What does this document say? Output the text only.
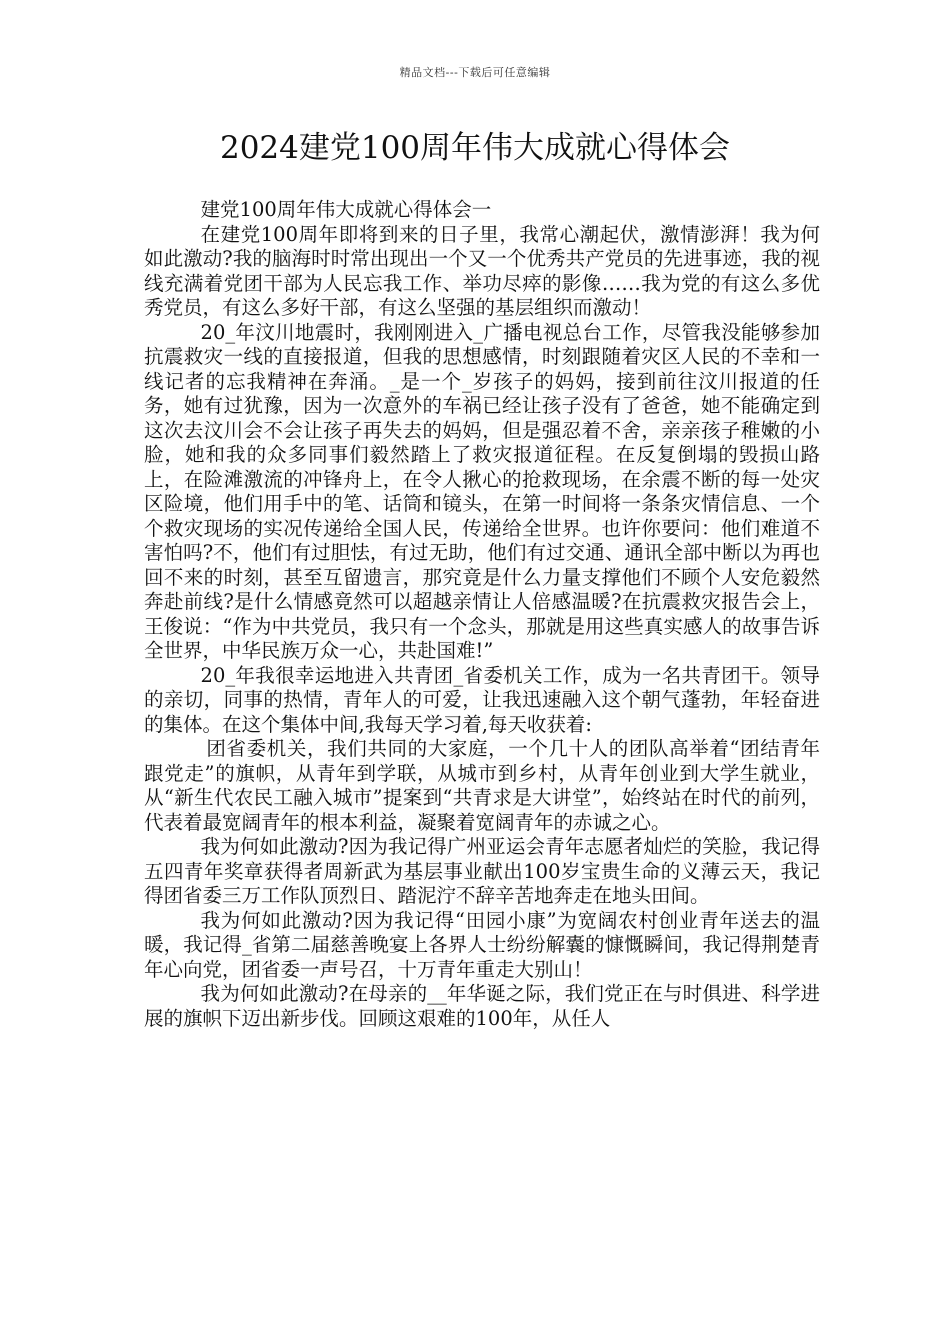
精品文档---下载后可任意编辑
2024建党100周年伟大成就心得体会

建党100周年伟大成就心得体会一

在建党100周年即将到来的日子里，我常心潮起伏，激情澎湃！我为何如此激动?我的脑海时时常出现出一个又一个优秀共产党员的先进事迹，我的视线充满着党团干部为人民忘我工作、举功尽瘁的影像……我为党的有这么多优秀党员，有这么多好干部，有这么坚强的基层组织而激动！

20_年汶川地震时，我刚刚进入_广播电视总台工作，尽管我没能够参加抗震救灾一线的直接报道，但我的思想感情，时刻跟随着灾区人民的不幸和一线记者的忘我精神在奔涌。_是一个_岁孩子的妈妈，接到前往汶川报道的任务，她有过犹豫，因为一次意外的车祸已经让孩子没有了爸爸，她不能确定到这次去汶川会不会让孩子再失去的妈妈，但是强忍着不舍，亲亲孩子稚嫩的小脸，她和我的众多同事们毅然踏上了救灾报道征程。在反复倒塌的毁损山路上，在险滩激流的冲锋舟上，在令人揪心的抢救现场，在余震不断的每一处灾区险境，他们用手中的笔、话筒和镜头，在第一时间将一条条灾情信息、一个个救灾现场的实况传递给全国人民，传递给全世界。也许你要问：他们难道不害怕吗?不，他们有过胆怯，有过无助，他们有过交通、通讯全部中断以为再也回不来的时刻，甚至互留遗言，那究竟是什么力量支撑他们不顾个人安危毅然奔赴前线?是什么情感竟然可以超越亲情让人倍感温暖?在抗震救灾报告会上，王俊说：“作为中共党员，我只有一个念头，那就是用这些真实感人的故事告诉全世界，中华民族万众一心，共赴国难!”

20_年我很幸运地进入共青团_省委机关工作，成为一名共青团干。领导的亲切，同事的热情，青年人的可爱，让我迅速融入这个朝气蓬勃，年轻奋进的集体。在这个集体中间,我每天学习着,每天收获着:

团省委机关，我们共同的大家庭，一个几十人的团队高举着“团结青年跟党走”的旗帜，从青年到学联，从城市到乡村，从青年创业到大学生就业，从“新生代农民工融入城市”提案到“共青求是大讲堂”，始终站在时代的前列，代表着最宽阔青年的根本利益，凝聚着宽阔青年的赤诚之心。

我为何如此激动?因为我记得广州亚运会青年志愿者灿烂的笑脸，我记得五四青年奖章获得者周新武为基层事业献出100岁宝贵生命的义薄云天，我记得团省委三万工作队顶烈日、踏泥泞不辞辛苦地奔走在地头田间。

我为何如此激动?因为我记得“田园小康”为宽阔农村创业青年送去的温暖，我记得_省第二届慈善晚宴上各界人士纷纷解囊的慷慨瞬间，我记得荆楚青年心向党，团省委一声号召，十万青年重走大别山！

我为何如此激动?在母亲的__年华诞之际，我们党正在与时俱进、科学进展的旗帜下迈出新步伐。回顾这艰难的100年，从任人
